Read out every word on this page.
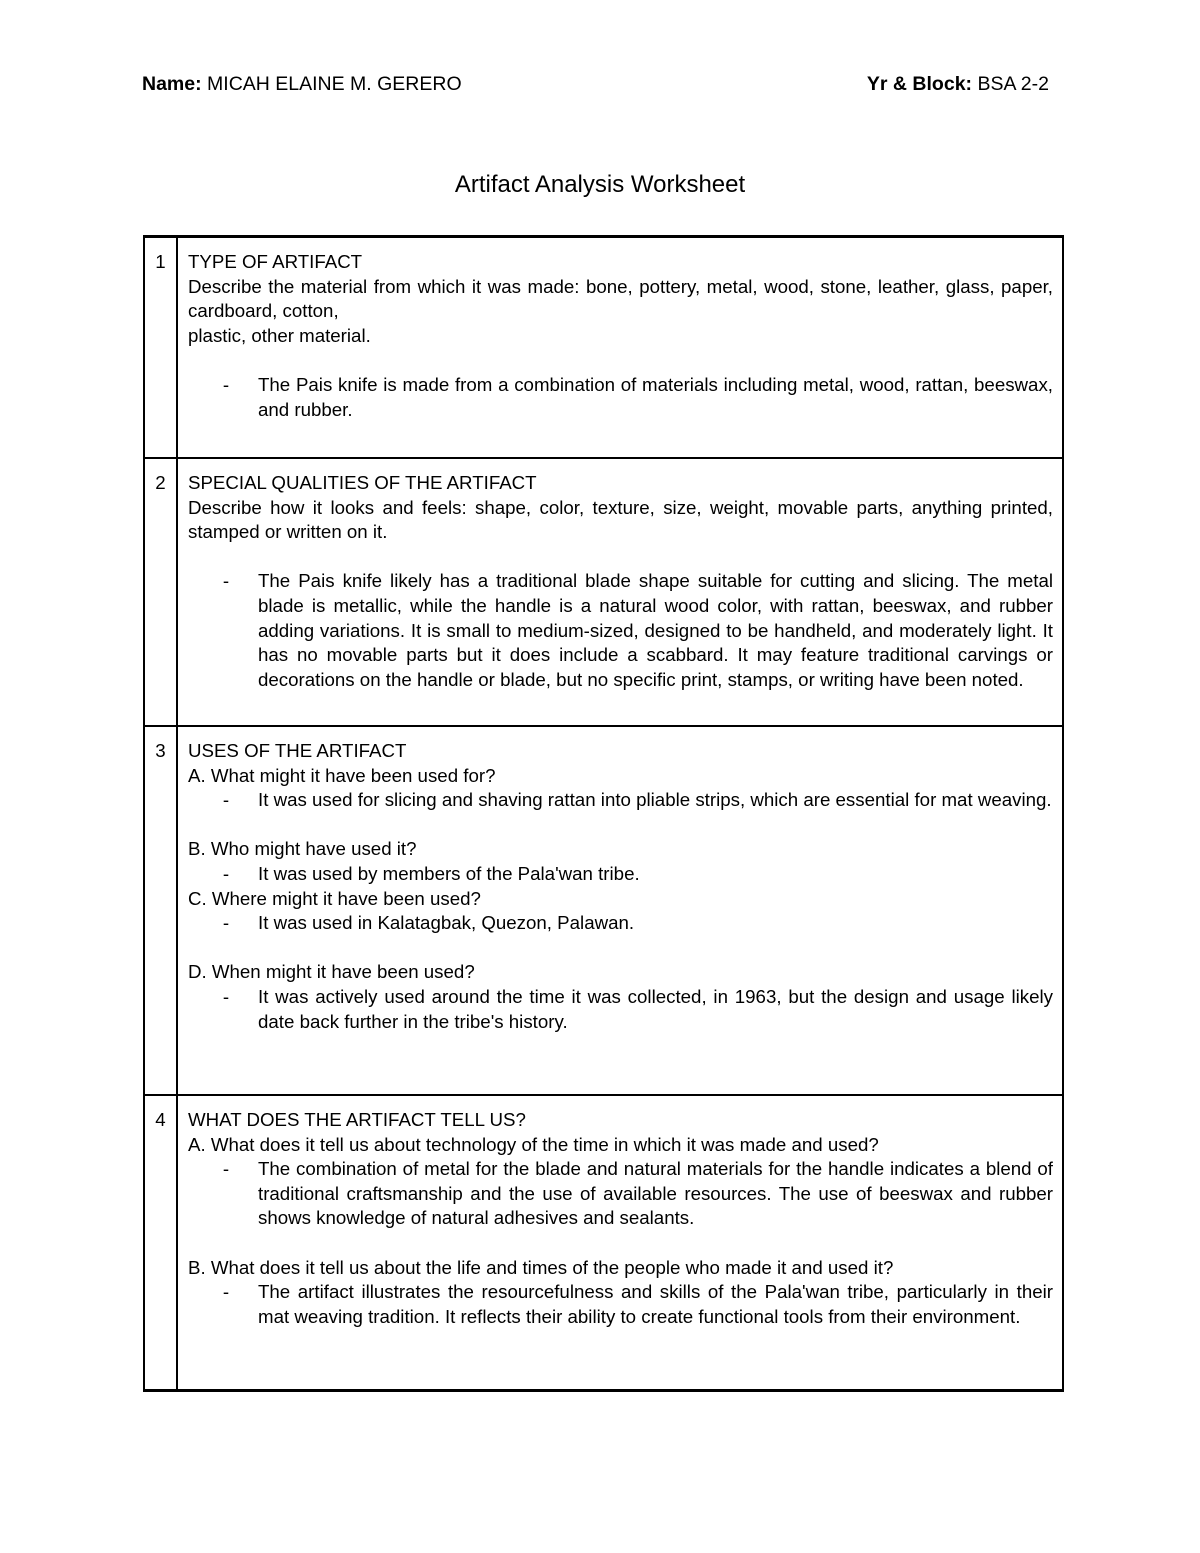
Name: MICAH ELAINE M. GERERO	Yr & Block: BSA 2-2
Artifact Analysis Worksheet
1	TYPE OF ARTIFACT
Describe the material from which it was made: bone, pottery, metal, wood, stone, leather, glass, paper, cardboard, cotton,
plastic, other material.
-	The Pais knife is made from a combination of materials including metal, wood, rattan, beeswax, and rubber.
2	SPECIAL QUALITIES OF THE ARTIFACT
Describe how it looks and feels: shape, color, texture, size, weight, movable parts, anything printed, stamped or written on it.
-	The Pais knife likely has a traditional blade shape suitable for cutting and slicing. The metal blade is metallic, while the handle is a natural wood color, with rattan, beeswax, and rubber adding variations. It is small to medium-sized, designed to be handheld, and moderately light. It has no movable parts but it does include a scabbard. It may feature traditional carvings or decorations on the handle or blade, but no specific print, stamps, or writing have been noted.
3	USES OF THE ARTIFACT
A. What might it have been used for?
-	It was used for slicing and shaving rattan into pliable strips, which are essential for mat weaving.
B. Who might have used it?
-	It was used by members of the Pala'wan tribe.
C. Where might it have been used?
-	It was used in Kalatagbak, Quezon, Palawan.
D. When might it have been used?
-	It was actively used around the time it was collected, in 1963, but the design and usage likely date back further in the tribe's history.
4	WHAT DOES THE ARTIFACT TELL US?
A. What does it tell us about technology of the time in which it was made and used?
-	The combination of metal for the blade and natural materials for the handle indicates a blend of traditional craftsmanship and the use of available resources. The use of beeswax and rubber shows knowledge of natural adhesives and sealants.
B. What does it tell us about the life and times of the people who made it and used it?
-	The artifact illustrates the resourcefulness and skills of the Pala'wan tribe, particularly in their mat weaving tradition. It reflects their ability to create functional tools from their environment.
